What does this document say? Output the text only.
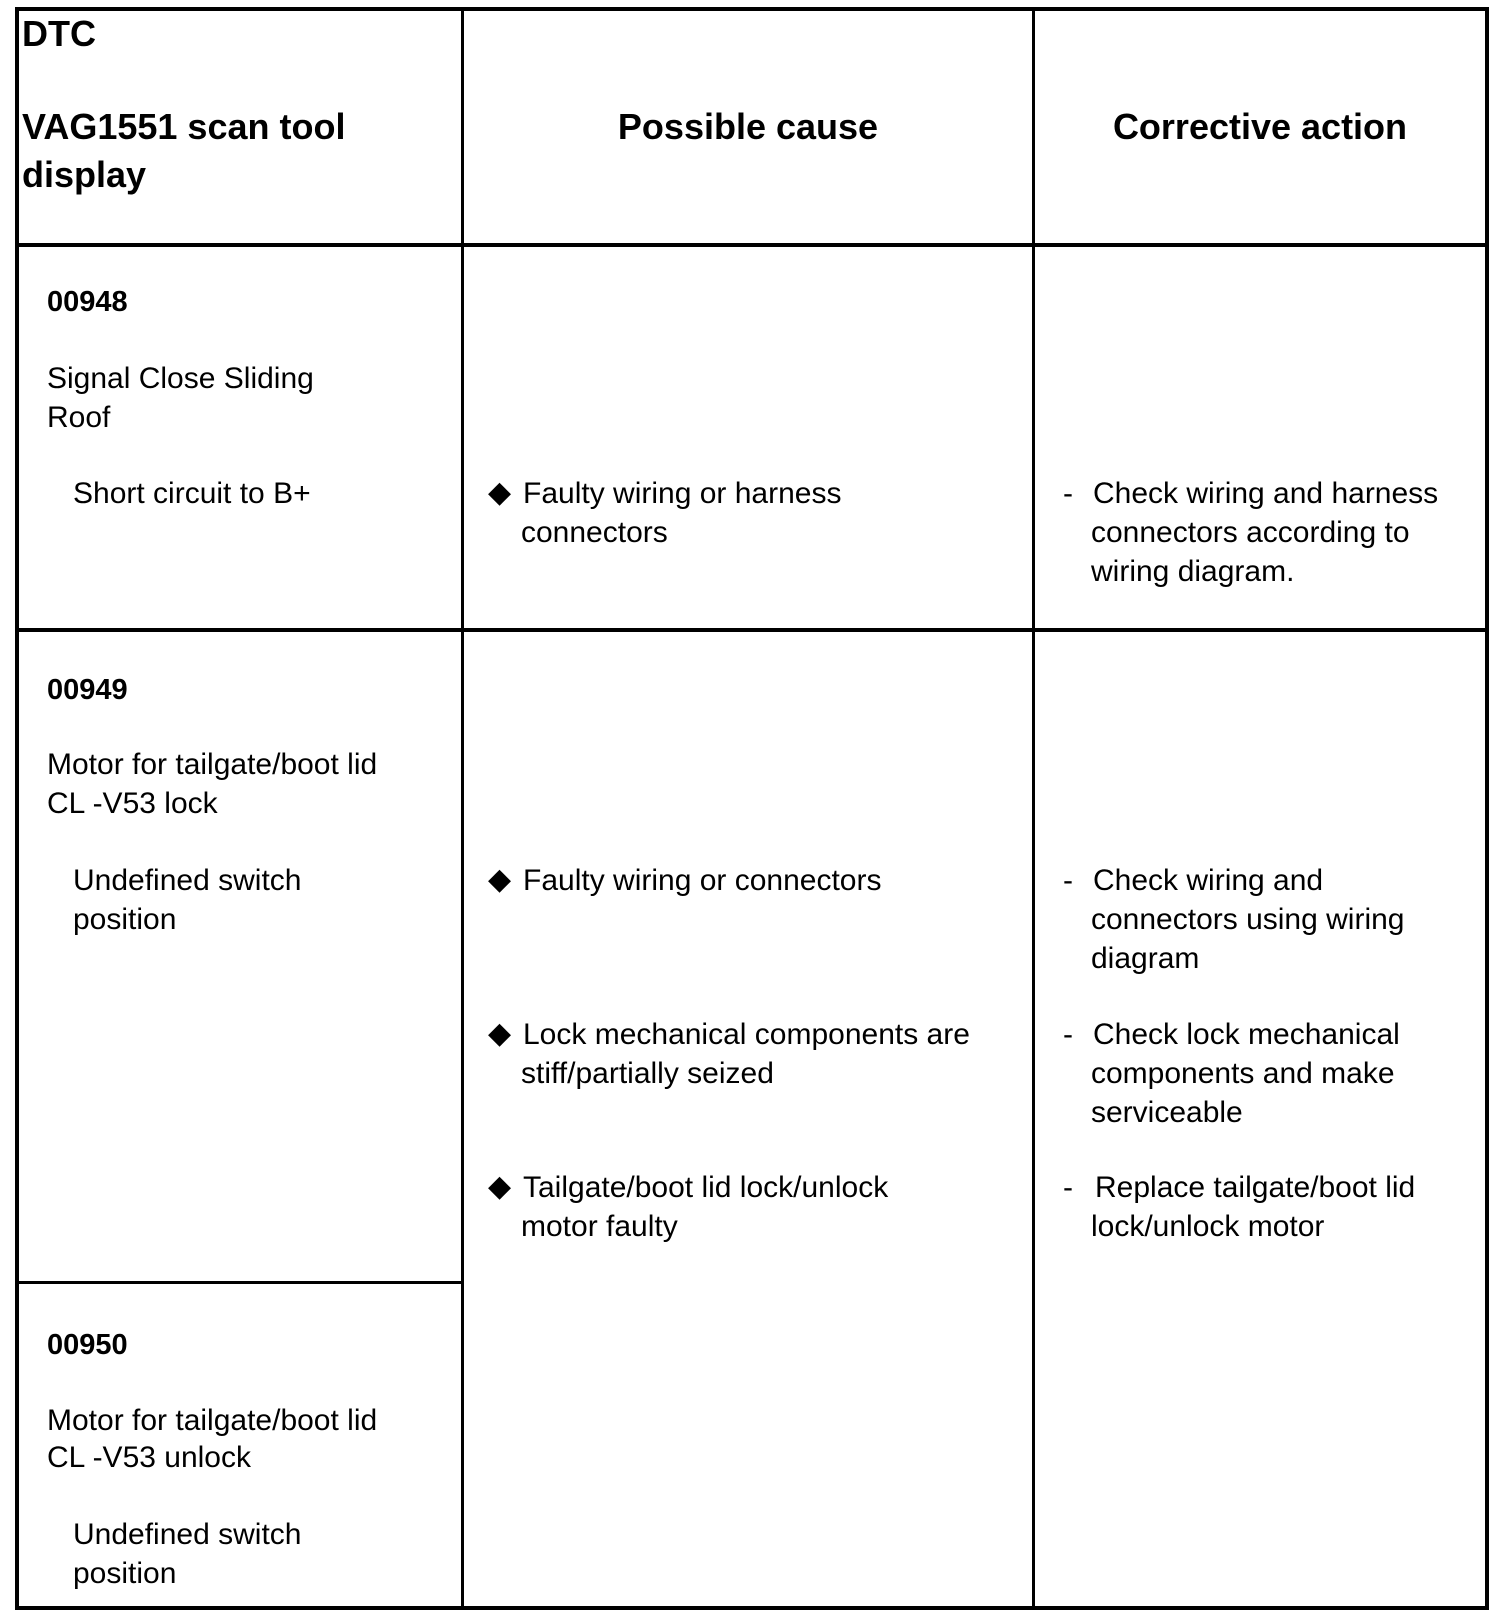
DTC
VAG1551 scan tool
display
Possible cause	Corrective action
00948
Signal Close Sliding
Roof
Short circuit to B+	◆ Faulty wiring or harness
connectors
- Check wiring and harness
connectors according to
wiring diagram.
00949
Motor for tailgate/boot lid
CL -V53 lock
Undefined switch
position
00950
Motor for tailgate/boot lid
CL -V53 unlock
Undefined switch
position
◆ Faulty wiring or connectors
◆ Lock mechanical components are
stiff/partially seized
◆ Tailgate/boot lid lock/unlock
motor faulty
- Check wiring and
connectors using wiring
diagram
- Check lock mechanical
components and make
serviceable
- Replace tailgate/boot lid
lock/unlock motor
